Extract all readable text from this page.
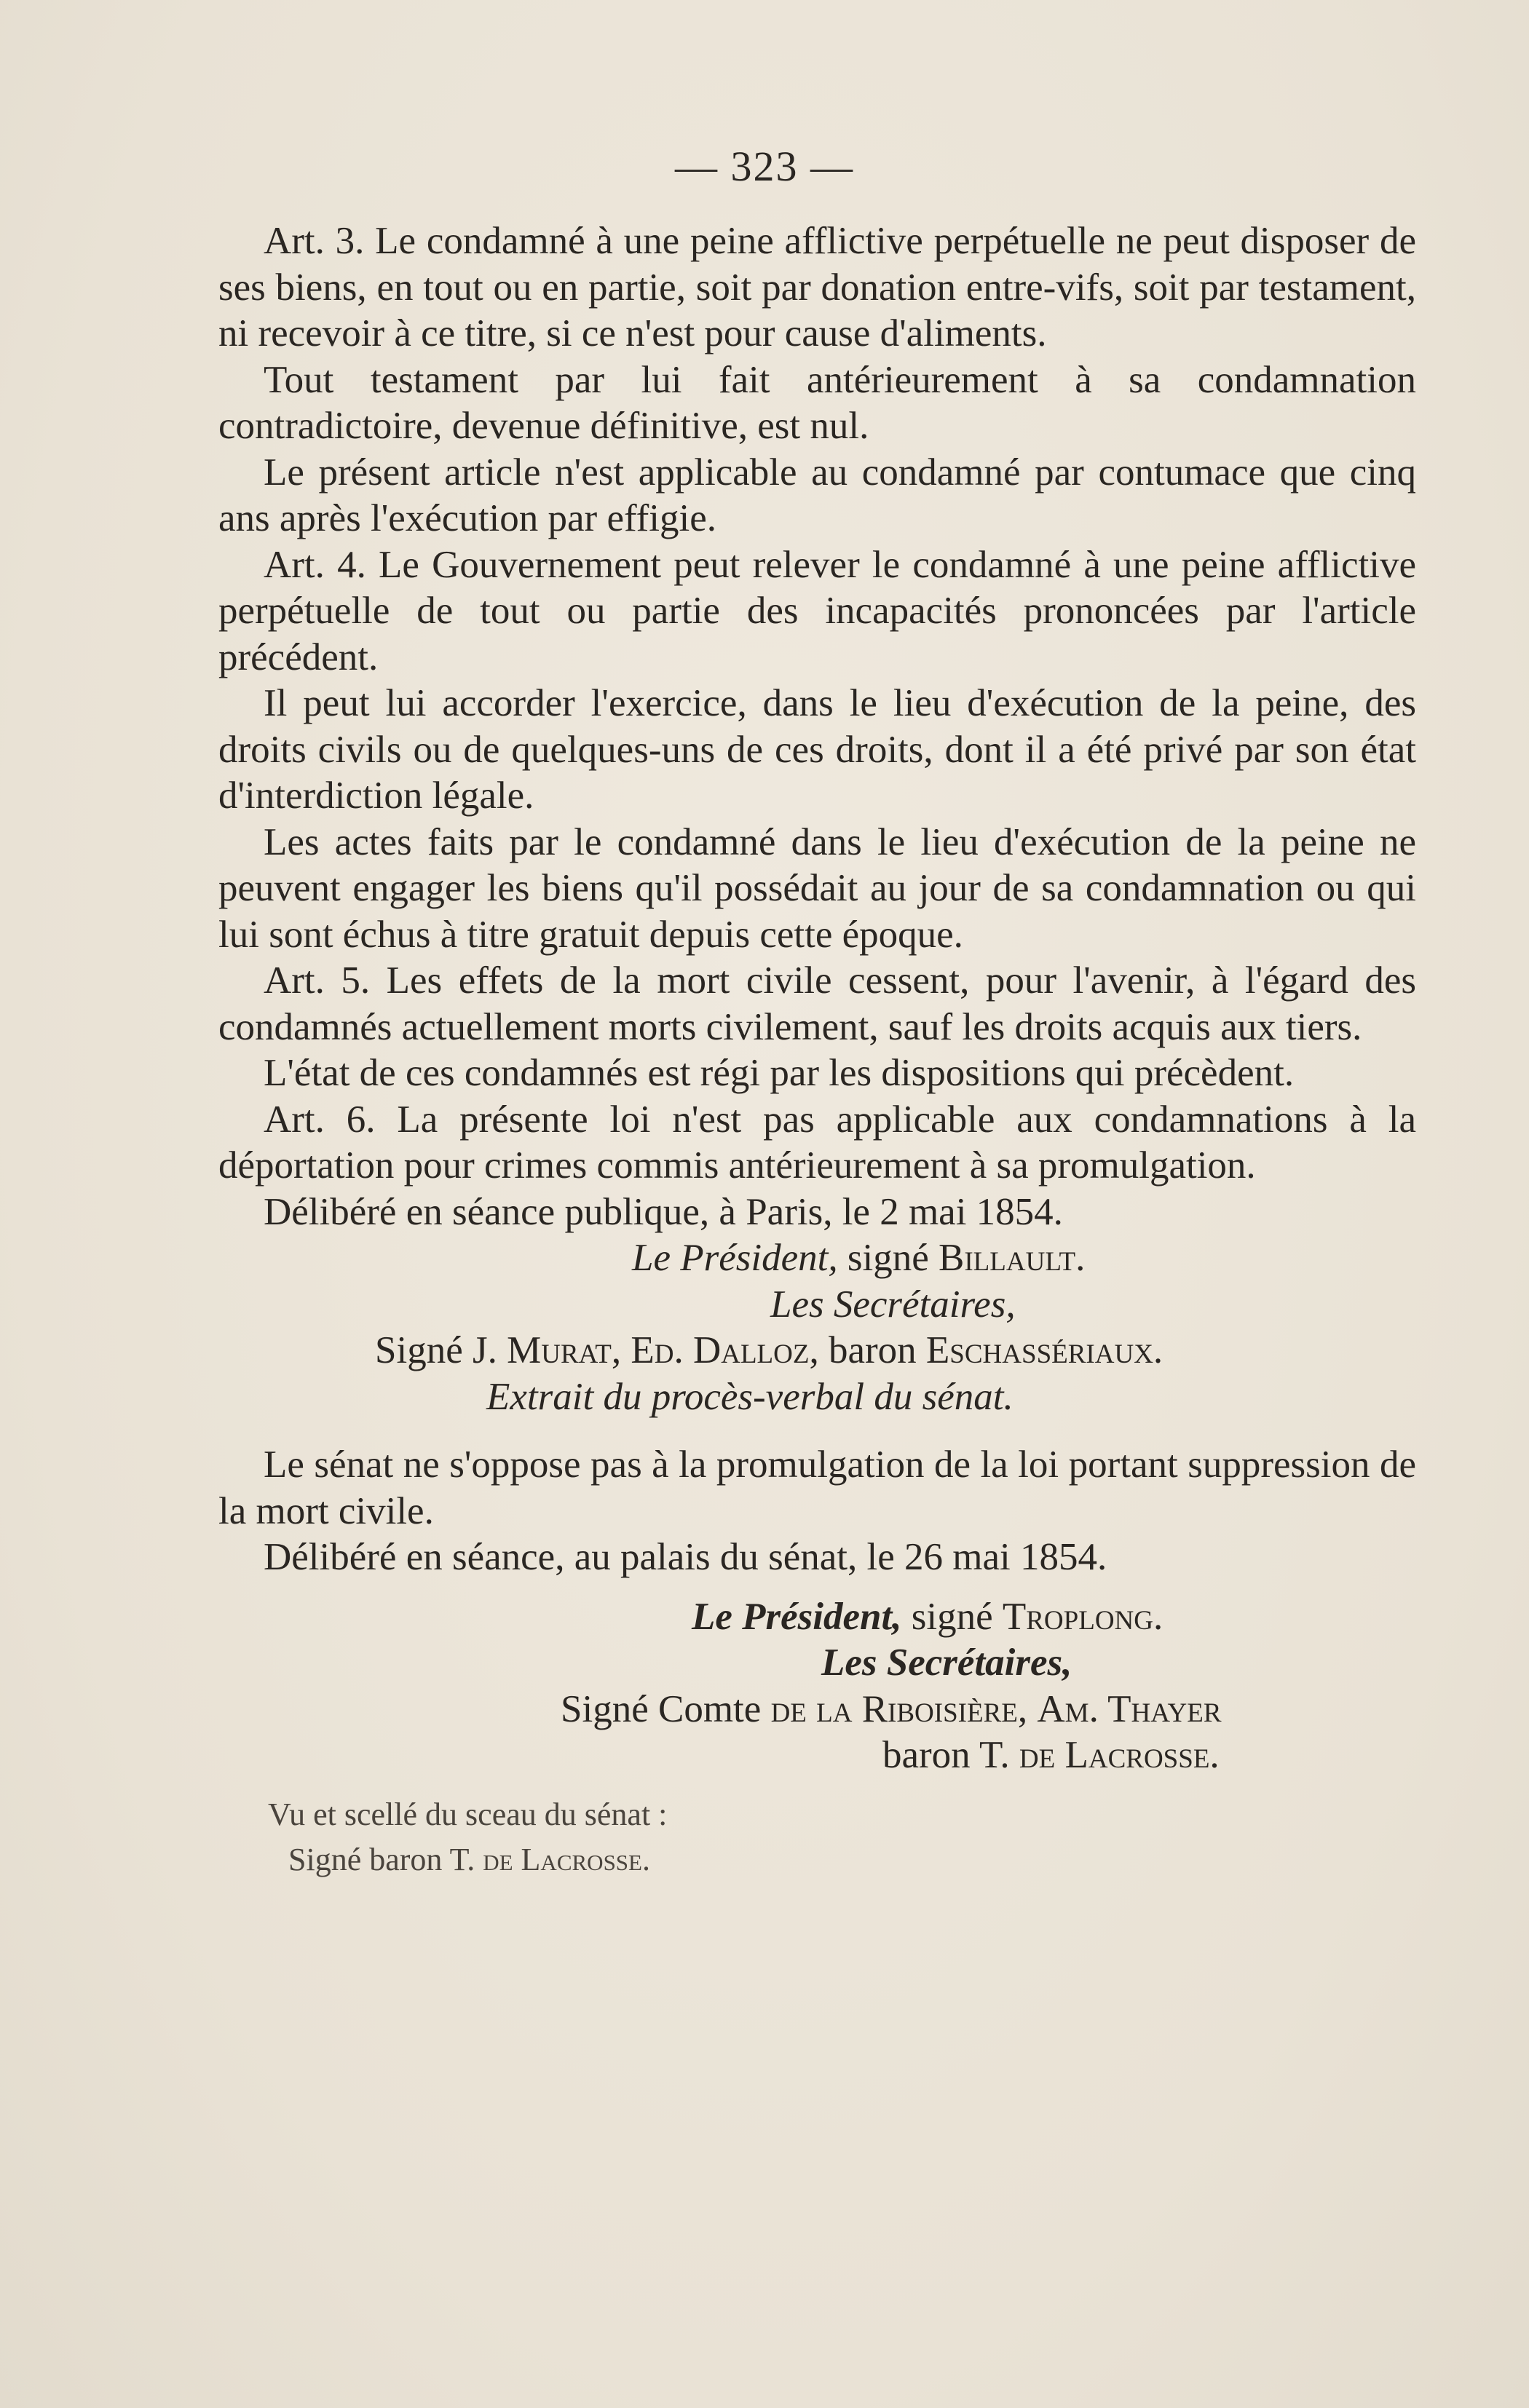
— 323 —

Art. 3. Le condamné à une peine afflictive perpétuelle ne peut disposer de ses biens, en tout ou en partie, soit par donation entre-vifs, soit par testament, ni recevoir à ce titre, si ce n'est pour cause d'aliments.

Tout testament par lui fait antérieurement à sa condamnation contradictoire, devenue définitive, est nul.

Le présent article n'est applicable au condamné par contumace que cinq ans après l'exécution par effigie.

Art. 4. Le Gouvernement peut relever le condamné à une peine afflictive perpétuelle de tout ou partie des incapacités prononcées par l'article précédent.

Il peut lui accorder l'exercice, dans le lieu d'exécution de la peine, des droits civils ou de quelques-uns de ces droits, dont il a été privé par son état d'interdiction légale.

Les actes faits par le condamné dans le lieu d'exécution de la peine ne peuvent engager les biens qu'il possédait au jour de sa condamnation ou qui lui sont échus à titre gratuit depuis cette époque.

Art. 5. Les effets de la mort civile cessent, pour l'avenir, à l'égard des condamnés actuellement morts civilement, sauf les droits acquis aux tiers.

L'état de ces condamnés est régi par les dispositions qui précèdent.

Art. 6. La présente loi n'est pas applicable aux condamnations à la déportation pour crimes commis antérieurement à sa promulgation.

Délibéré en séance publique, à Paris, le 2 mai 1854.

Le Président, signé Billault.
Les Secrétaires,
Signé J. Murat, Ed. Dalloz, baron Eschassériaux.
Extrait du procès-verbal du sénat.

Le sénat ne s'oppose pas à la promulgation de la loi portant suppression de la mort civile.

Délibéré en séance, au palais du sénat, le 26 mai 1854.

Le Président, signé Troplong.
Les Secrétaires,
Signé Comte de la Riboisière, Am. Thayer
baron T. de Lacrosse.
Vu et scellé du sceau du sénat :
Signé baron T. de Lacrosse.
